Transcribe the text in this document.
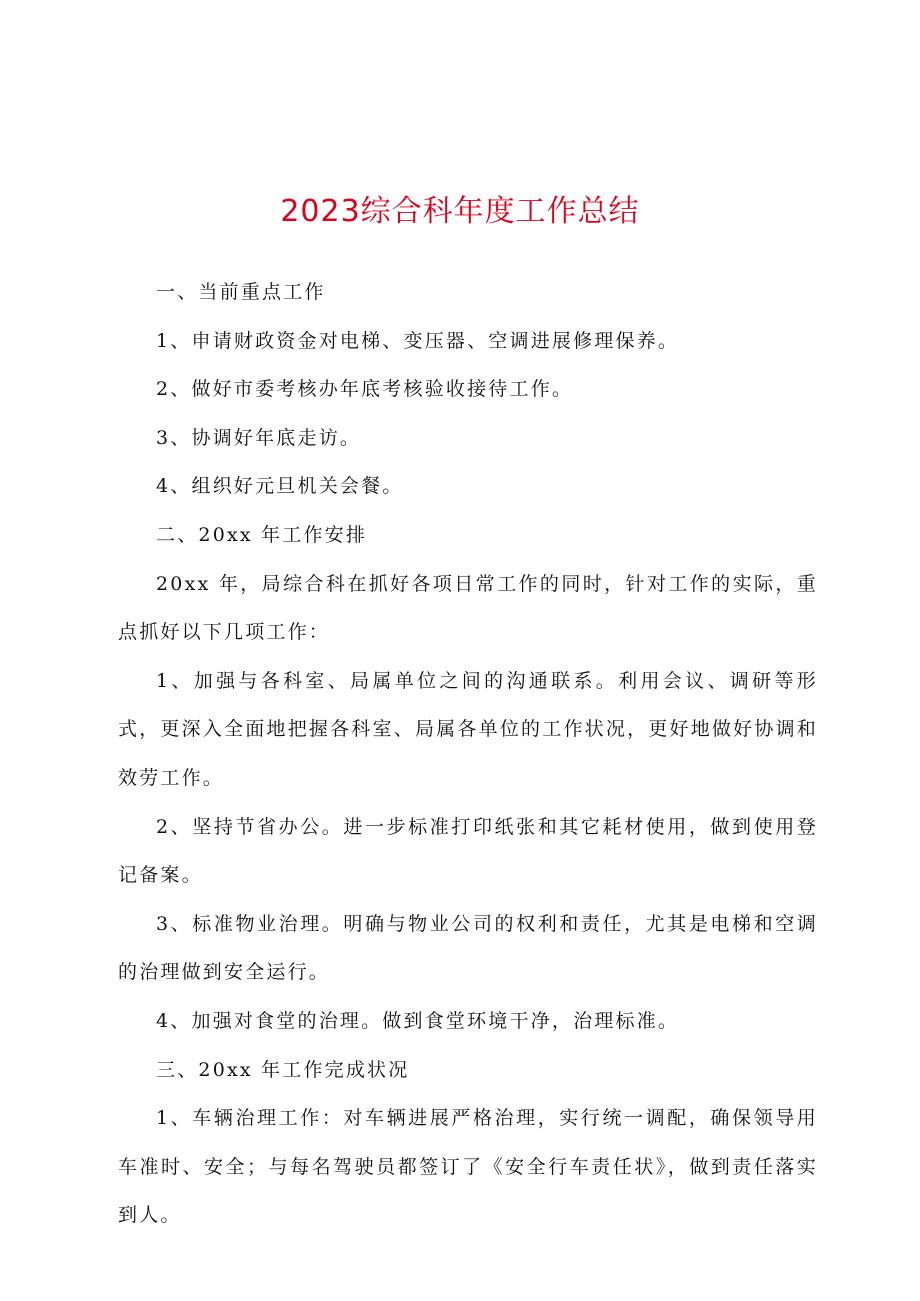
2023综合科年度工作总结

一、当前重点工作

1、申请财政资金对电梯、变压器、空调进展修理保养。

2、做好市委考核办年底考核验收接待工作。

3、协调好年底走访。

4、组织好元旦机关会餐。

二、20xx 年工作安排

20xx 年，局综合科在抓好各项日常工作的同时，针对工作的实际，重点抓好以下几项工作：

1、加强与各科室、局属单位之间的沟通联系。利用会议、调研等形式，更深入全面地把握各科室、局属各单位的工作状况，更好地做好协调和效劳工作。

2、坚持节省办公。进一步标准打印纸张和其它耗材使用，做到使用登记备案。

3、标准物业治理。明确与物业公司的权利和责任，尤其是电梯和空调的治理做到安全运行。

4、加强对食堂的治理。做到食堂环境干净，治理标准。

三、20xx 年工作完成状况

1、车辆治理工作：对车辆进展严格治理，实行统一调配，确保领导用车准时、安全；与每名驾驶员都签订了《安全行车责任状》，做到责任落实到人。
